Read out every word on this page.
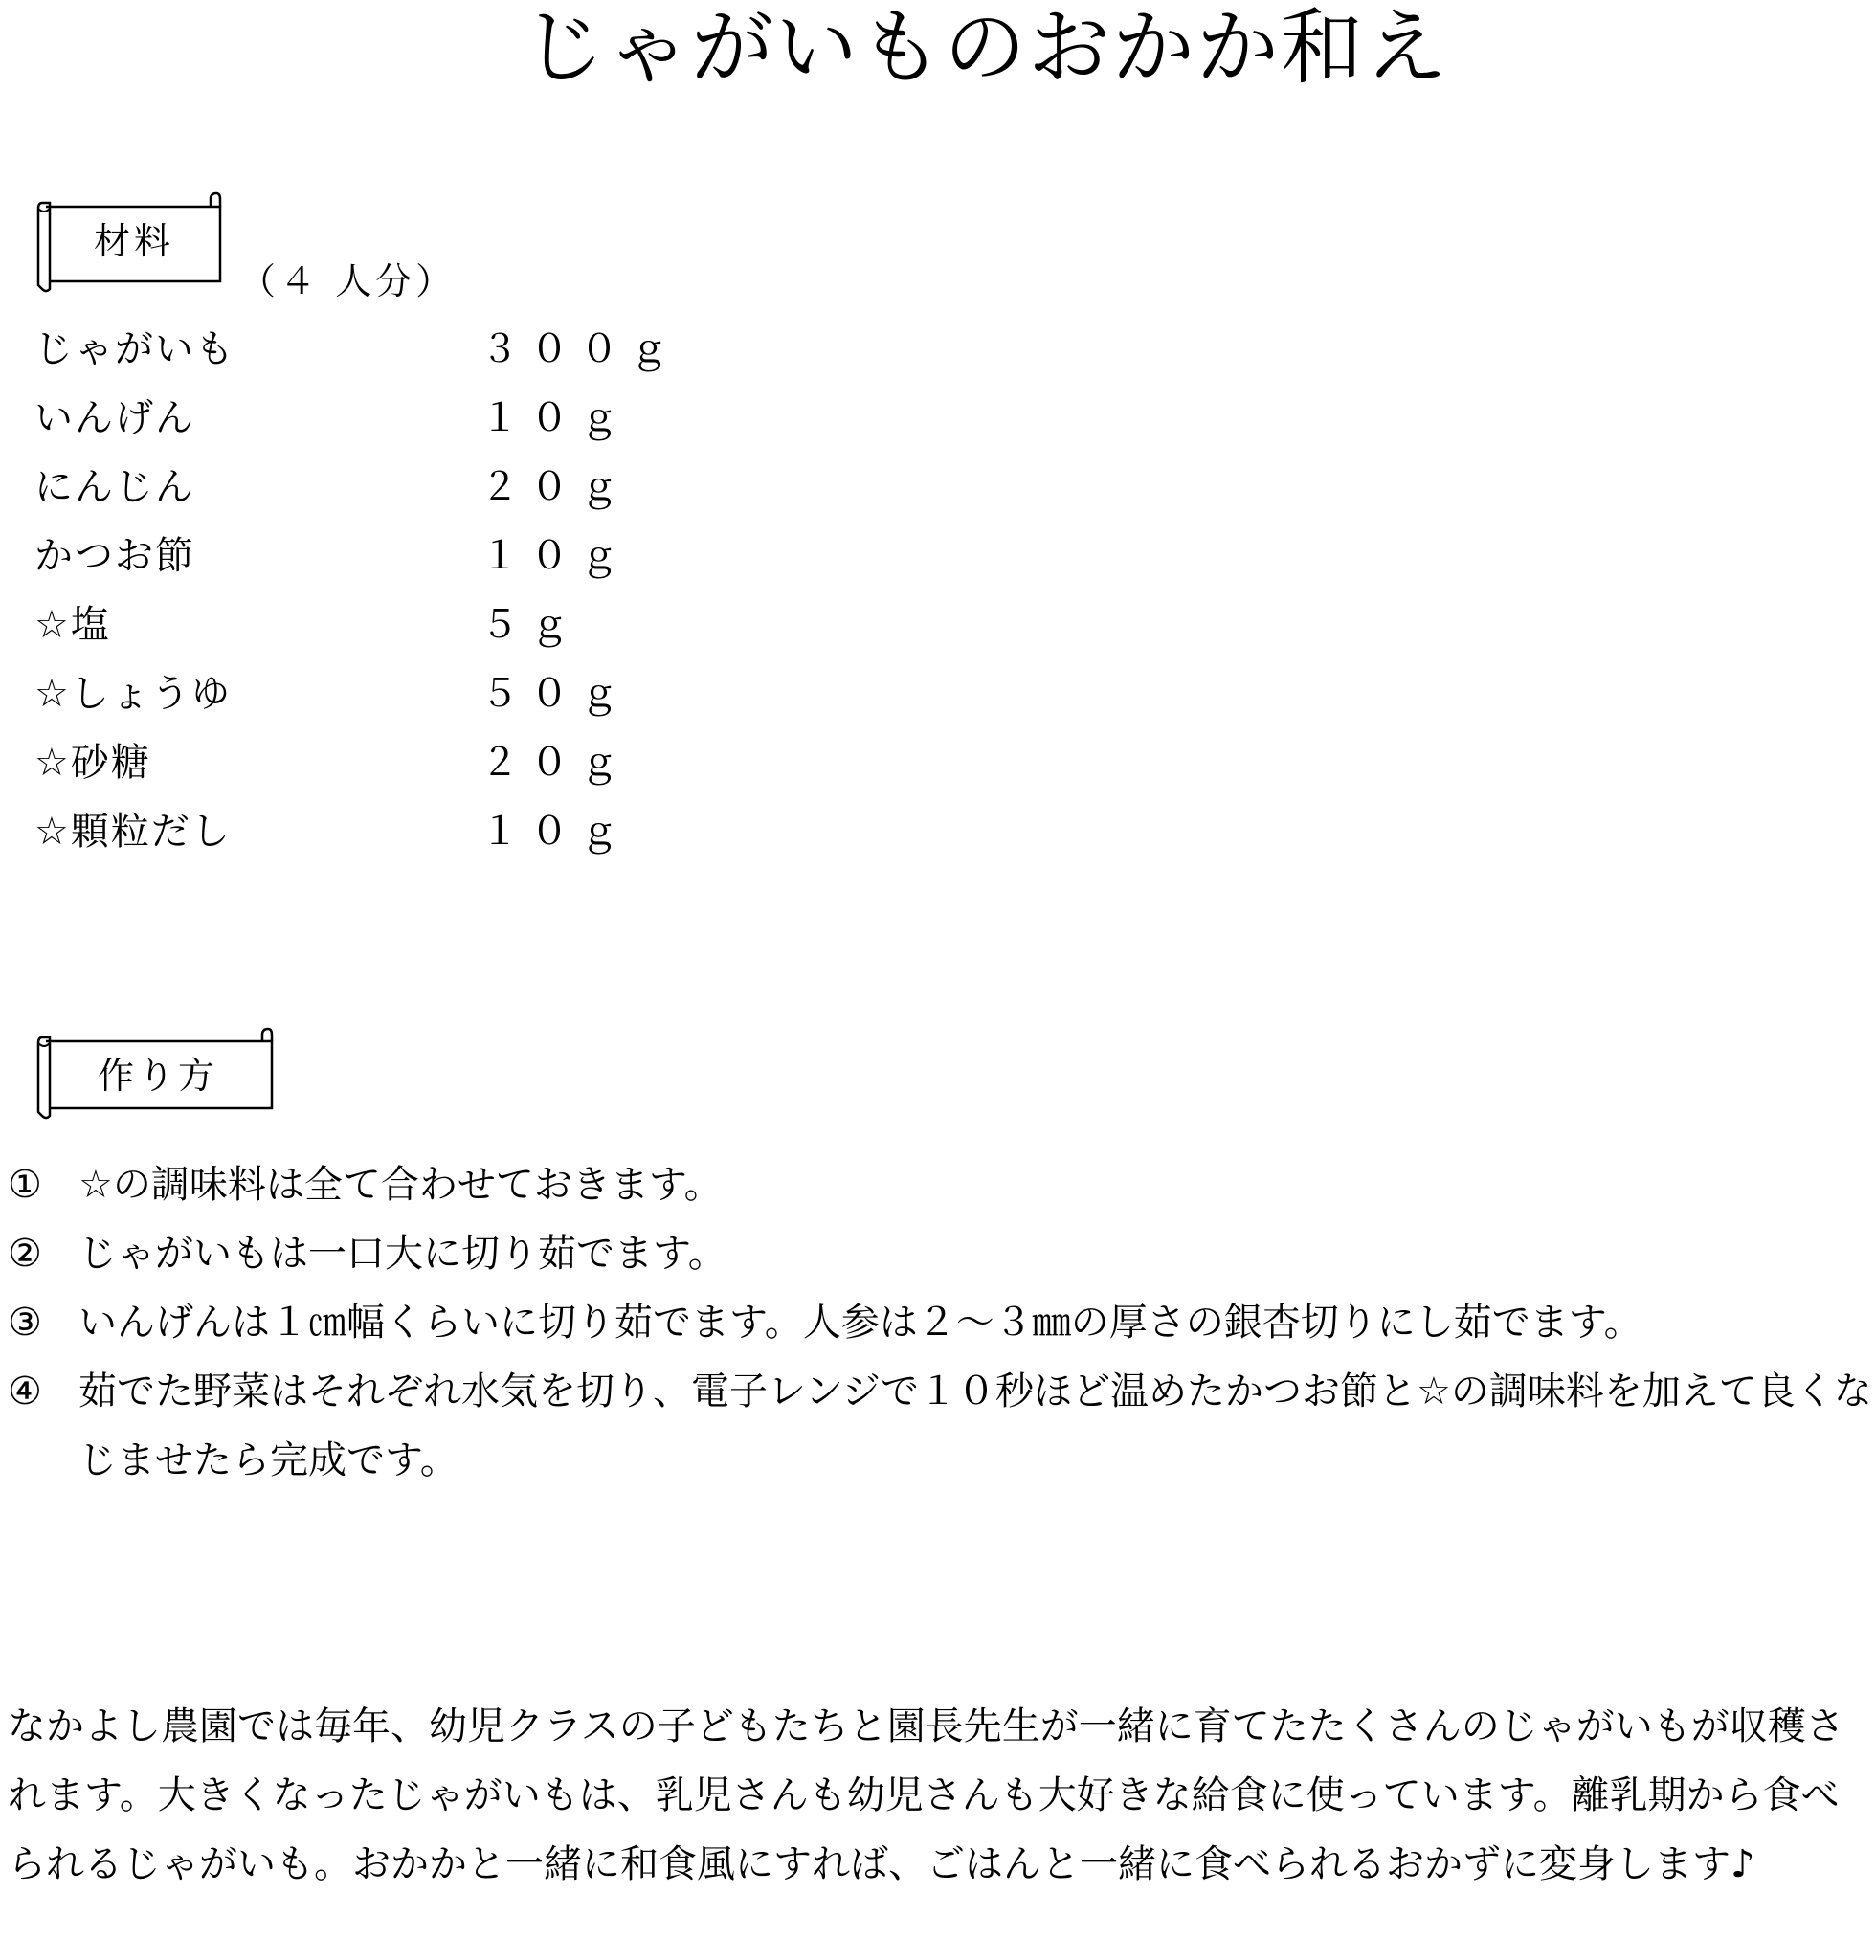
じゃがいものおかか和え
材料
（４ 人分）
じゃがいも	３００ｇ
いんげん	１０ｇ
にんじん	２０ｇ
かつお節	１０ｇ
☆塩	５ｇ
☆しょうゆ	５０ｇ
☆砂糖	２０ｇ
☆顆粒だし	１０ｇ
作り方
① ☆の調味料は全て合わせておきます。
② じゃがいもは一口大に切り茹でます。
③ いんげんは１㎝幅くらいに切り茹でます。人参は２～３㎜の厚さの銀杏切りにし茹でます。
④ 茹でた野菜はそれぞれ水気を切り、電子レンジで１０秒ほど温めたかつお節と☆の調味料を加えて良くなじませたら完成です。

なかよし農園では毎年、幼児クラスの子どもたちと園長先生が一緒に育てたたくさんのじゃがいもが収穫されます。大きくなったじゃがいもは、乳児さんも幼児さんも大好きな給食に使っています。離乳期から食べられるじゃがいも。おかかと一緒に和食風にすれば、ごはんと一緒に食べられるおかずに変身します♪
